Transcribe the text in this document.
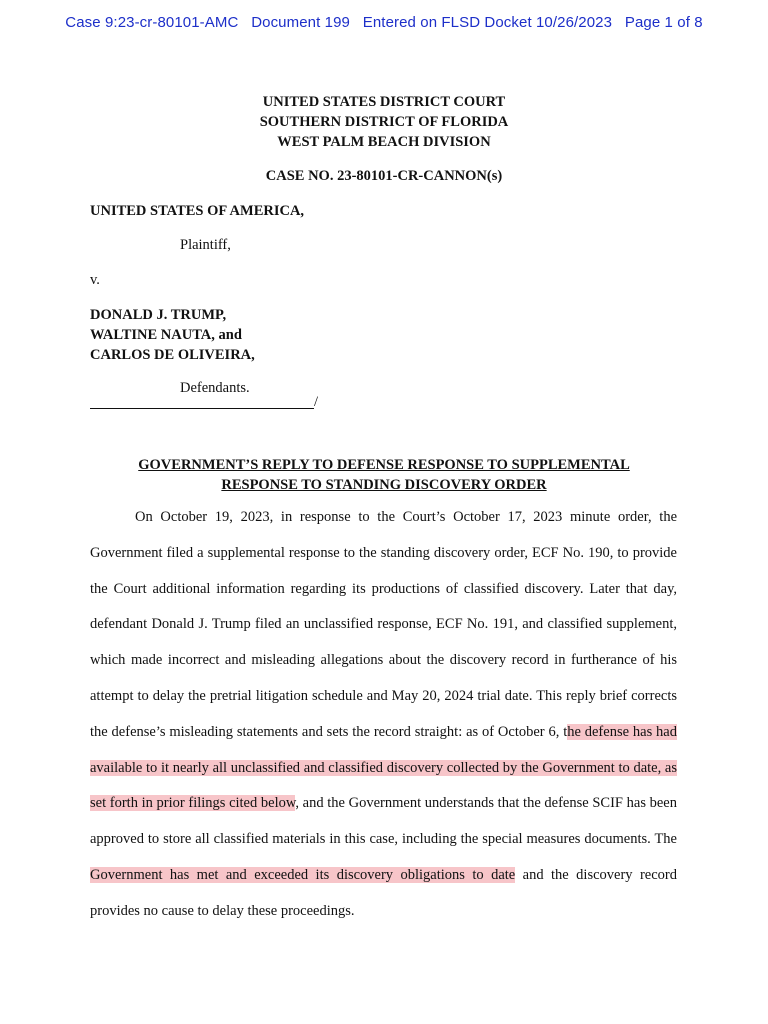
Case 9:23-cr-80101-AMC   Document 199   Entered on FLSD Docket 10/26/2023   Page 1 of 8
UNITED STATES DISTRICT COURT
SOUTHERN DISTRICT OF FLORIDA
WEST PALM BEACH DIVISION
CASE NO. 23-80101-CR-CANNON(s)
UNITED STATES OF AMERICA,
Plaintiff,
v.
DONALD J. TRUMP,
WALTINE NAUTA, and
CARLOS DE OLIVEIRA,
Defendants.
/
GOVERNMENT’S REPLY TO DEFENSE RESPONSE TO SUPPLEMENTAL
RESPONSE TO STANDING DISCOVERY ORDER
On October 19, 2023, in response to the Court’s October 17, 2023 minute order, the Government filed a supplemental response to the standing discovery order, ECF No. 190, to provide the Court additional information regarding its productions of classified discovery. Later that day, defendant Donald J. Trump filed an unclassified response, ECF No. 191, and classified supplement, which made incorrect and misleading allegations about the discovery record in furtherance of his attempt to delay the pretrial litigation schedule and May 20, 2024 trial date. This reply brief corrects the defense’s misleading statements and sets the record straight: as of October 6, the defense has had available to it nearly all unclassified and classified discovery collected by the Government to date, as set forth in prior filings cited below, and the Government understands that the defense SCIF has been approved to store all classified materials in this case, including the special measures documents. The Government has met and exceeded its discovery obligations to date and the discovery record provides no cause to delay these proceedings.
